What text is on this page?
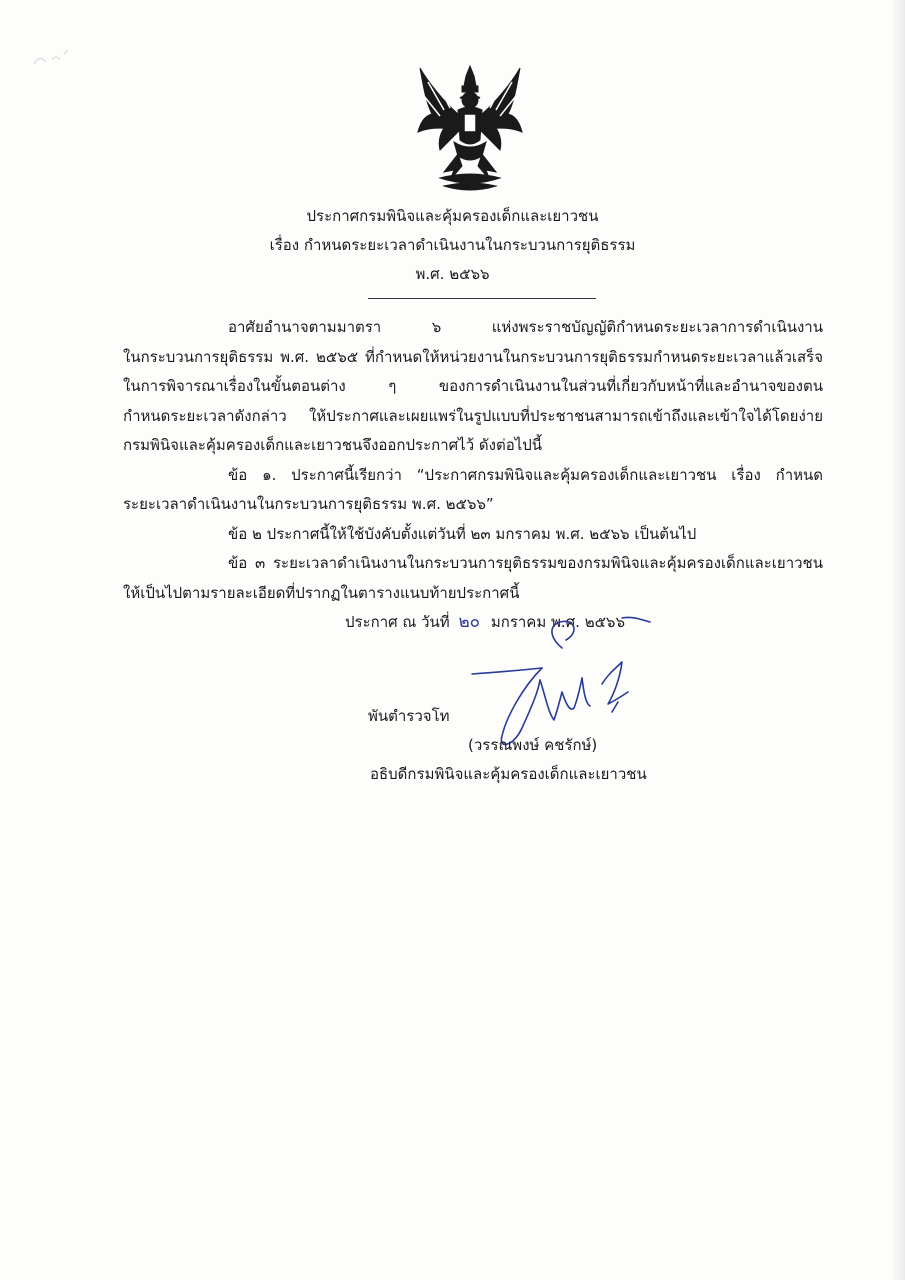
ประกาศกรมพินิจและคุ้มครองเด็กและเยาวชน
เรื่อง กำหนดระยะเวลาดำเนินงานในกระบวนการยุติธรรม
พ.ศ. ๒๕๖๖

อาศัยอำนาจตามมาตรา ๖ แห่งพระราชบัญญัติกำหนดระยะเวลาการดำเนินงาน

ในกระบวนการยุติธรรม พ.ศ. ๒๕๖๕ ที่กำหนดให้หน่วยงานในกระบวนการยุติธรรมกำหนดระยะเวลาแล้วเสร็จ

ในการพิจารณาเรื่องในขั้นตอนต่าง ๆ ของการดำเนินงานในส่วนที่เกี่ยวกับหน้าที่และอำนาจของตน

กำหนดระยะเวลาดังกล่าว ให้ประกาศและเผยแพร่ในรูปแบบที่ประชาชนสามารถเข้าถึงและเข้าใจได้โดยง่าย

กรมพินิจและคุ้มครองเด็กและเยาวชนจึงออกประกาศไว้ ดังต่อไปนี้

ข้อ ๑. ประกาศนี้เรียกว่า “ประกาศกรมพินิจและคุ้มครองเด็กและเยาวชน เรื่อง กำหนด

ระยะเวลาดำเนินงานในกระบวนการยุติธรรม พ.ศ. ๒๕๖๖”

ข้อ ๒ ประกาศนี้ให้ใช้บังคับตั้งแต่วันที่ ๒๓ มกราคม พ.ศ. ๒๕๖๖ เป็นต้นไป

ข้อ ๓ ระยะเวลาดำเนินงานในกระบวนการยุติธรรมของกรมพินิจและคุ้มครองเด็กและเยาวชน

ให้เป็นไปตามรายละเอียดที่ปรากฏในตารางแนบท้ายประกาศนี้

ประกาศ ณ วันที่ ๒๐ มกราคม พ.ศ. ๒๕๖๖
พันตำรวจโท
(วรรณพงษ์ คชรักษ์)
อธิบดีกรมพินิจและคุ้มครองเด็กและเยาวชน
